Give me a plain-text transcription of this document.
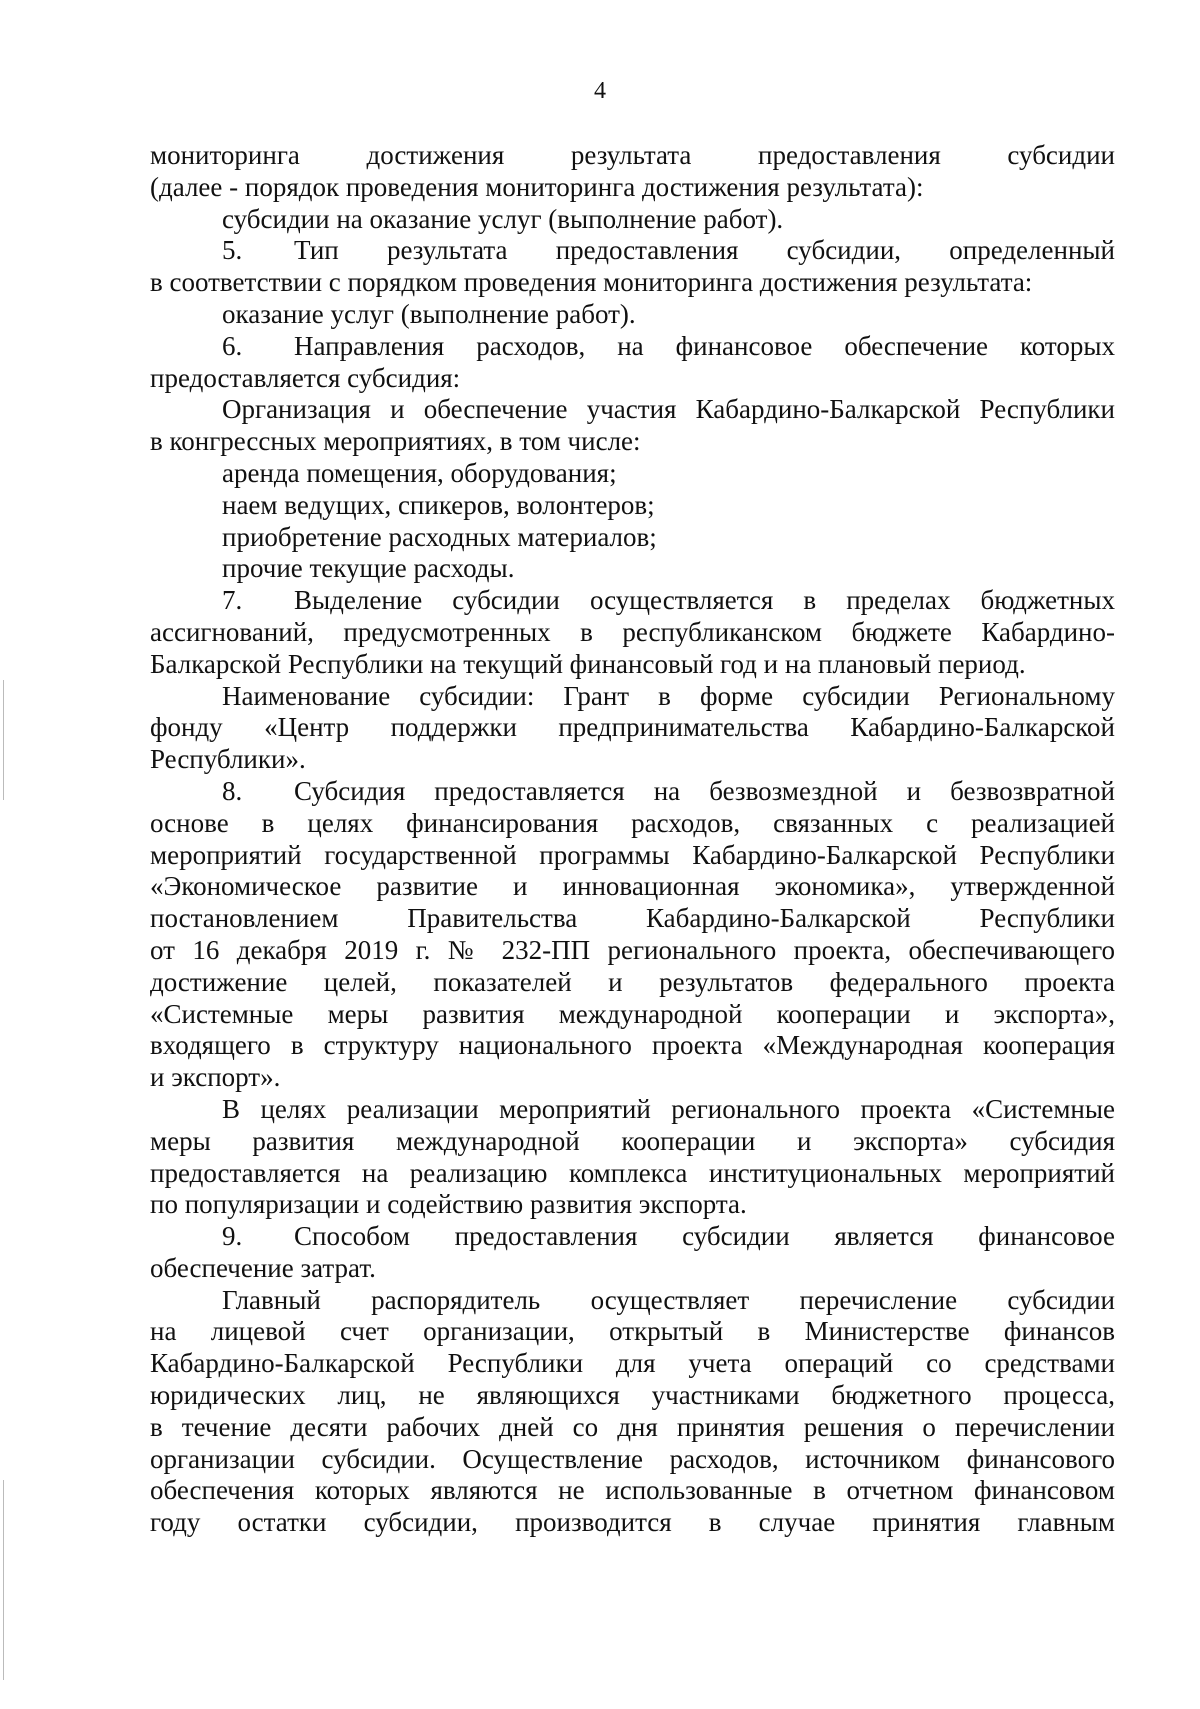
4
мониторинга достижения результата предоставления субсидии
(далее - порядок проведения мониторинга достижения результата):
субсидии на оказание услуг (выполнение работ).
5. Тип результата предоставления субсидии, определенный
в соответствии с порядком проведения мониторинга достижения результата:
оказание услуг (выполнение работ).
6. Направления расходов, на финансовое обеспечение которых
предоставляется субсидия:
Организация и обеспечение участия Кабардино-Балкарской Республики
в конгрессных мероприятиях, в том числе:
аренда помещения, оборудования;
наем ведущих, спикеров, волонтеров;
приобретение расходных материалов;
прочие текущие расходы.
7. Выделение субсидии осуществляется в пределах бюджетных
ассигнований, предусмотренных в республиканском бюджете Кабардино-
Балкарской Республики на текущий финансовый год и на плановый период.
Наименование субсидии: Грант в форме субсидии Региональному
фонду «Центр поддержки предпринимательства Кабардино-Балкарской
Республики».
8. Субсидия предоставляется на безвозмездной и безвозвратной
основе в целях финансирования расходов, связанных с реализацией
мероприятий государственной программы Кабардино-Балкарской Республики
«Экономическое развитие и инновационная экономика», утвержденной
постановлением Правительства Кабардино-Балкарской Республики
от 16 декабря 2019 г. № 232-ПП регионального проекта, обеспечивающего
достижение целей, показателей и результатов федерального проекта
«Системные меры развития международной кооперации и экспорта»,
входящего в структуру национального проекта «Международная кооперация
и экспорт».
В целях реализации мероприятий регионального проекта «Системные
меры развития международной кооперации и экспорта» субсидия
предоставляется на реализацию комплекса институциональных мероприятий
по популяризации и содействию развития экспорта.
9. Способом предоставления субсидии является финансовое
обеспечение затрат.
Главный распорядитель осуществляет перечисление субсидии
на лицевой счет организации, открытый в Министерстве финансов
Кабардино-Балкарской Республики для учета операций со средствами
юридических лиц, не являющихся участниками бюджетного процесса,
в течение десяти рабочих дней со дня принятия решения о перечислении
организации субсидии. Осуществление расходов, источником финансового
обеспечения которых являются не использованные в отчетном финансовом
году остатки субсидии, производится в случае принятия главным
